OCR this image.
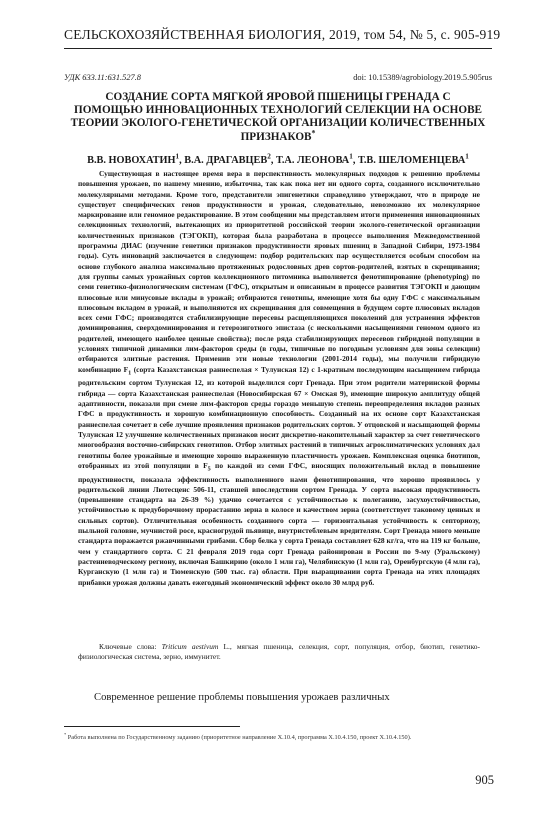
СЕЛЬСКОХОЗЯЙСТВЕННАЯ БИОЛОГИЯ, 2019, том 54, № 5, с. 905-919
УДК 633.11:631.527.8	doi: 10.15389/agrobiology.2019.5.905rus
СОЗДАНИЕ СОРТА МЯГКОЙ ЯРОВОЙ ПШЕНИЦЫ ГРЕНАДА С ПОМОЩЬЮ ИННОВАЦИОННЫХ ТЕХНОЛОГИЙ СЕЛЕКЦИИ НА ОСНОВЕ ТЕОРИИ ЭКОЛОГО-ГЕНЕТИЧЕСКОЙ ОРГАНИЗАЦИИ КОЛИЧЕСТВЕННЫХ ПРИЗНАКОВ*
В.В. НОВОХАТИН$^1$, В.А. ДРАГАВЦЕВ$^2$, Т.А. ЛЕОНОВА$^1$, Т.В. ШЕЛОМЕНЦЕВА$^1$
Существующая в настоящее время вера в перспективность молекулярных подходов к решению проблемы повышения урожаев, по нашему мнению, избыточна, так как пока нет ни одного сорта, созданного исключительно молекулярными методами. Кроме того, представители эпигенетики справедливо утверждают, что в природе не существует специфических генов продуктивности и урожая, следовательно, невозможно их молекулярное маркирование или геномное редактирование. В этом сообщении мы представляем итоги применения инновационных селекционных технологий, вытекающих из приоритетной российской теории эколого-генетической организации количественных признаков (ТЭГОКП), которая была разработана в процессе выполнения Межведомственной программы ДИАС (изучение генетики признаков продуктивности яровых пшениц в Западной Сибири, 1973-1984 годы). Суть инноваций заключается в следующем: подбор родительских пар осуществляется особым способом на основе глубокого анализа максимально протяженных родословных древ сортов-родителей, взятых в скрещивания; для группы самых урожайных сортов коллекционного питомника выполняется фенотипирование (phenotyping) по семи генетико-физиологическим системам (ГФС), открытым и описанным в процессе развития ТЭГОКП и дающим плюсовые или минусовые вклады в урожай; отбираются генотипы, имеющие хотя бы одну ГФС с максимальным плюсовым вкладом в урожай, и выполняются их скрещивания для совмещения в будущем сорте плюсовых вкладов всех семи ГФС; производятся стабилизирующие пересевы расщепляющихся поколений для устранения эффектов доминирования, сверхдоминирования и гетерозиготного эпистаза (с несколькими насыщениями геномом одного из родителей, имеющего наиболее ценные свойства); после ряда стабилизирующих пересевов гибридной популяции в условиях типичной динамики лим-факторов среды (в годы, типичные по погодным условиям для зоны селекции) отбираются элитные растения. Применив эти новые технологии (2001-2014 годы), мы получили гибридную комбинацию $F_1$ (сорта Казахстанская раннеспелая × Тулунская 12) с 1-кратным последующим насыщением гибрида родительским сортом Тулунская 12, из которой выделился сорт Гренада. При этом родители материнской формы гибрида — сорта Казахстанская раннеспелая (Новосибирская 67 × Омская 9), имеющие широкую амплитуду общей адаптивности, показали при смене лим-факторов среды гораздо меньшую степень переопределения вкладов разных ГФС в продуктивность и хорошую комбинационную способность. Созданный на их основе сорт Казахстанская раннеспелая сочетает в себе лучшие проявления признаков родительских сортов. У отцовской и насыщающей формы Тулунская 12 улучшение количественных признаков носит дискретно-накопительный характер за счет генетического многообразия восточно-сибирских генотипов. Отбор элитных растений в типичных агроклиматических условиях дал генотипы более урожайные и имеющие хорошо выраженную пластичность урожаев. Комплексная оценка биотипов, отобранных из этой популяции в $F_5$ по каждой из семи ГФС, вносящих положительный вклад в повышение продуктивности, показала эффективность выполненного нами фенотипирования, что хорошо проявилось у родительской линии Лютесценс 506-11, ставшей впоследствии сортом Гренада. У сорта высокая продуктивность (превышение стандарта на 26-39 %) удачно сочетается с устойчивостью к полеганию, засухоустойчивостью, устойчивостью к предуборочному прорастанию зерна в колосе и качеством зерна (соответствует таковому ценных и сильных сортов). Отличительная особенность созданного сорта — горизонтальная устойчивость к септориозу, пыльной головне, мучнистой росе, красногрудой пьявице, внутристеблевым вредителям. Сорт Гренада много меньше стандарта поражается ржавчинными грибами. Сбор белка у сорта Гренада составляет 628 кг/га, что на 119 кг больше, чем у стандартного сорта. С 21 февраля 2019 года сорт Гренада районирован в России по 9-му (Уральскому) растениеводческому региону, включая Башкирию (около 1 млн га), Челябинскую (1 млн га), Оренбургскую (4 млн га), Курганскую (1 млн га) и Тюменскую (500 тыс. га) области. При выращивании сорта Гренада на этих площадях прибавки урожая должны давать ежегодный экономический эффект около 30 млрд руб.
Ключевые слова: Triticum aestivum L., мягкая пшеница, селекция, сорт, популяция, отбор, биотип, генетико-физиологическая система, зерно, иммунитет.
Современное решение проблемы повышения урожаев различных
* Работа выполнена по Государственному заданию (приоритетное направление X.10.4, программа X.10.4.150, проект X.10.4.150).
905
